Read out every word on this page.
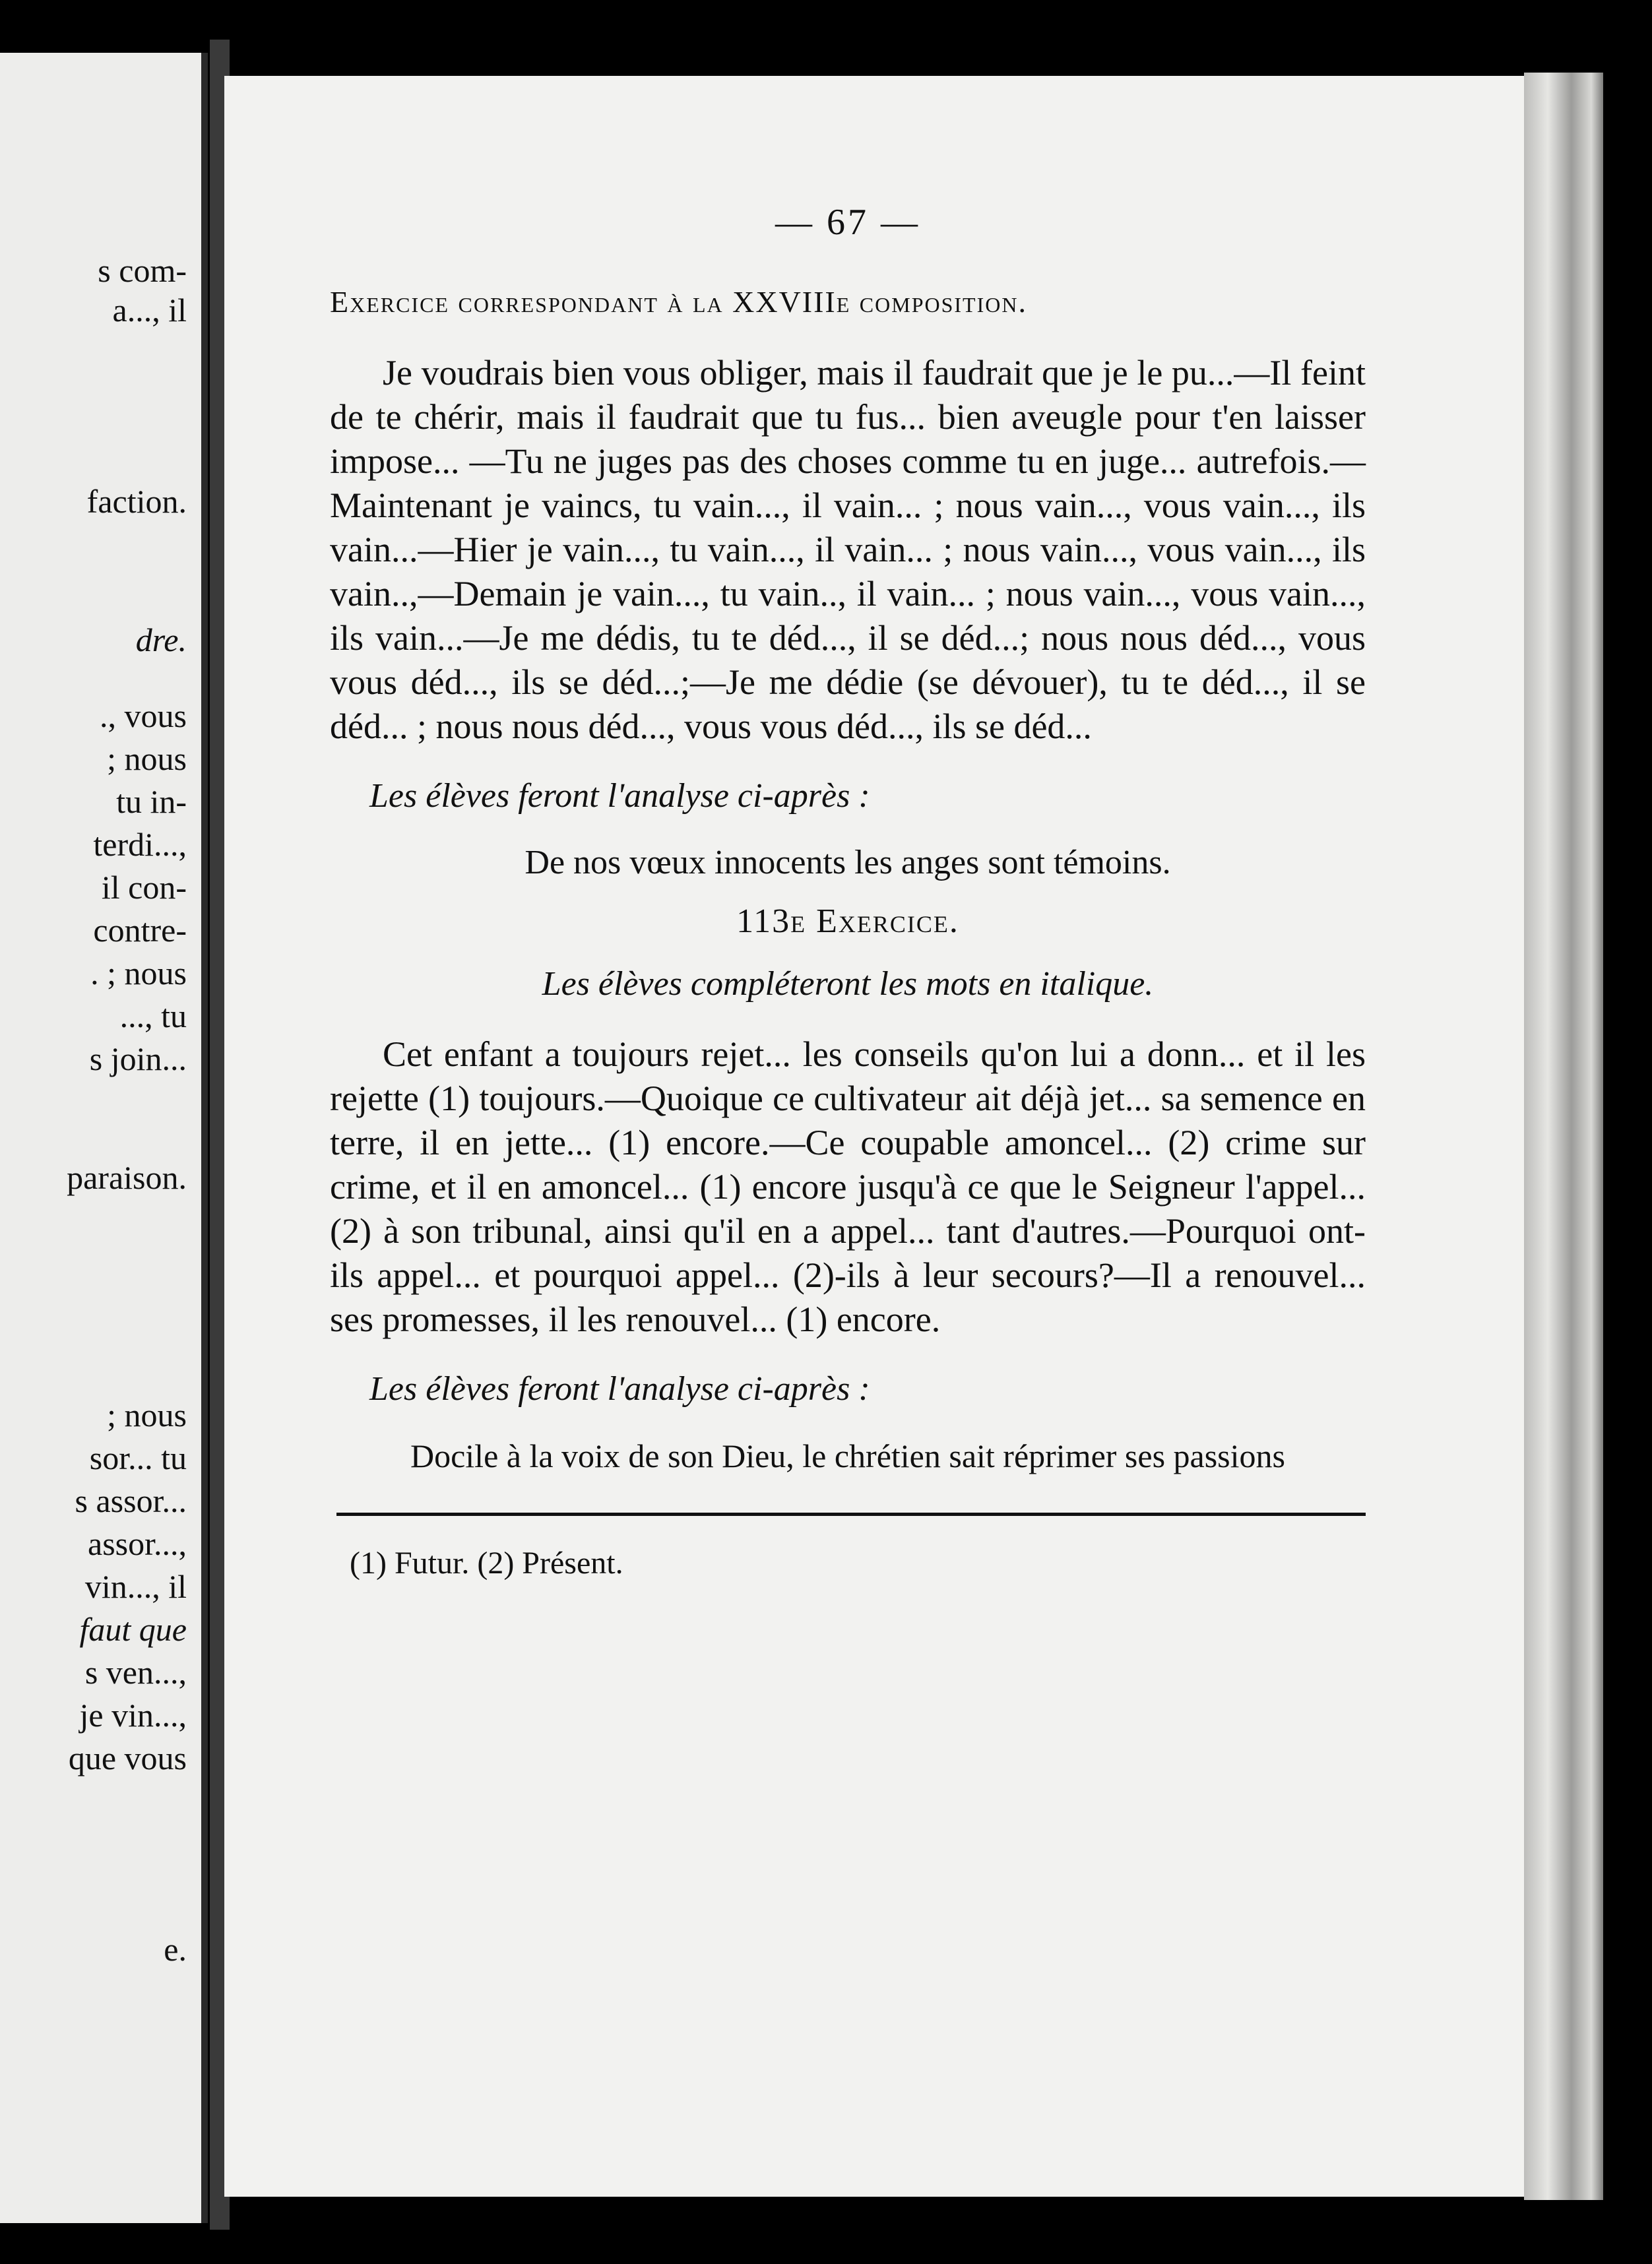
s com-
a..., il
faction.
dre.
., vous
; nous
tu in-
terdi...,
il con-
contre-
. ; nous
..., tu
s join...
paraison.
; nous
sor... tu
s assor...
assor...,
vin..., il
faut que
s ven...,
je vin...,
que vous
e.
— 67 —
Exercice correspondant à la XXVIIIe composition.

Je voudrais bien vous obliger, mais il faudrait que je le pu...—Il feint de te chérir, mais il faudrait que tu fus... bien aveugle pour t'en laisser impose... —Tu ne juges pas des choses comme tu en juge... autrefois.—Maintenant je vaincs, tu vain..., il vain... ; nous vain..., vous vain..., ils vain...—Hier je vain..., tu vain..., il vain... ; nous vain..., vous vain..., ils vain..,—Demain je vain..., tu vain.., il vain... ; nous vain..., vous vain..., ils vain...—Je me dédis, tu te déd..., il se déd...; nous nous déd..., vous vous déd..., ils se déd...;—Je me dédie (se dévouer), tu te déd..., il se déd... ; nous nous déd..., vous vous déd..., ils se déd...

Les élèves feront l'analyse ci-après :
De nos vœux innocents les anges sont témoins.
113e Exercice.
Les élèves compléteront les mots en italique.

Cet enfant a toujours rejet... les conseils qu'on lui a donn... et il les rejette (1) toujours.—Quoique ce cultivateur ait déjà jet... sa semence en terre, il en jette... (1) encore.—Ce coupable amoncel... (2) crime sur crime, et il en amoncel... (1) encore jusqu'à ce que le Seigneur l'appel... (2) à son tribunal, ainsi qu'il en a appel... tant d'autres.—Pourquoi ont-ils appel... et pourquoi appel... (2)-ils à leur secours?—Il a renouvel... ses promesses, il les renouvel... (1) encore.

Les élèves feront l'analyse ci-après :
Docile à la voix de son Dieu, le chrétien sait réprimer ses passions
(1) Futur. (2) Présent.
